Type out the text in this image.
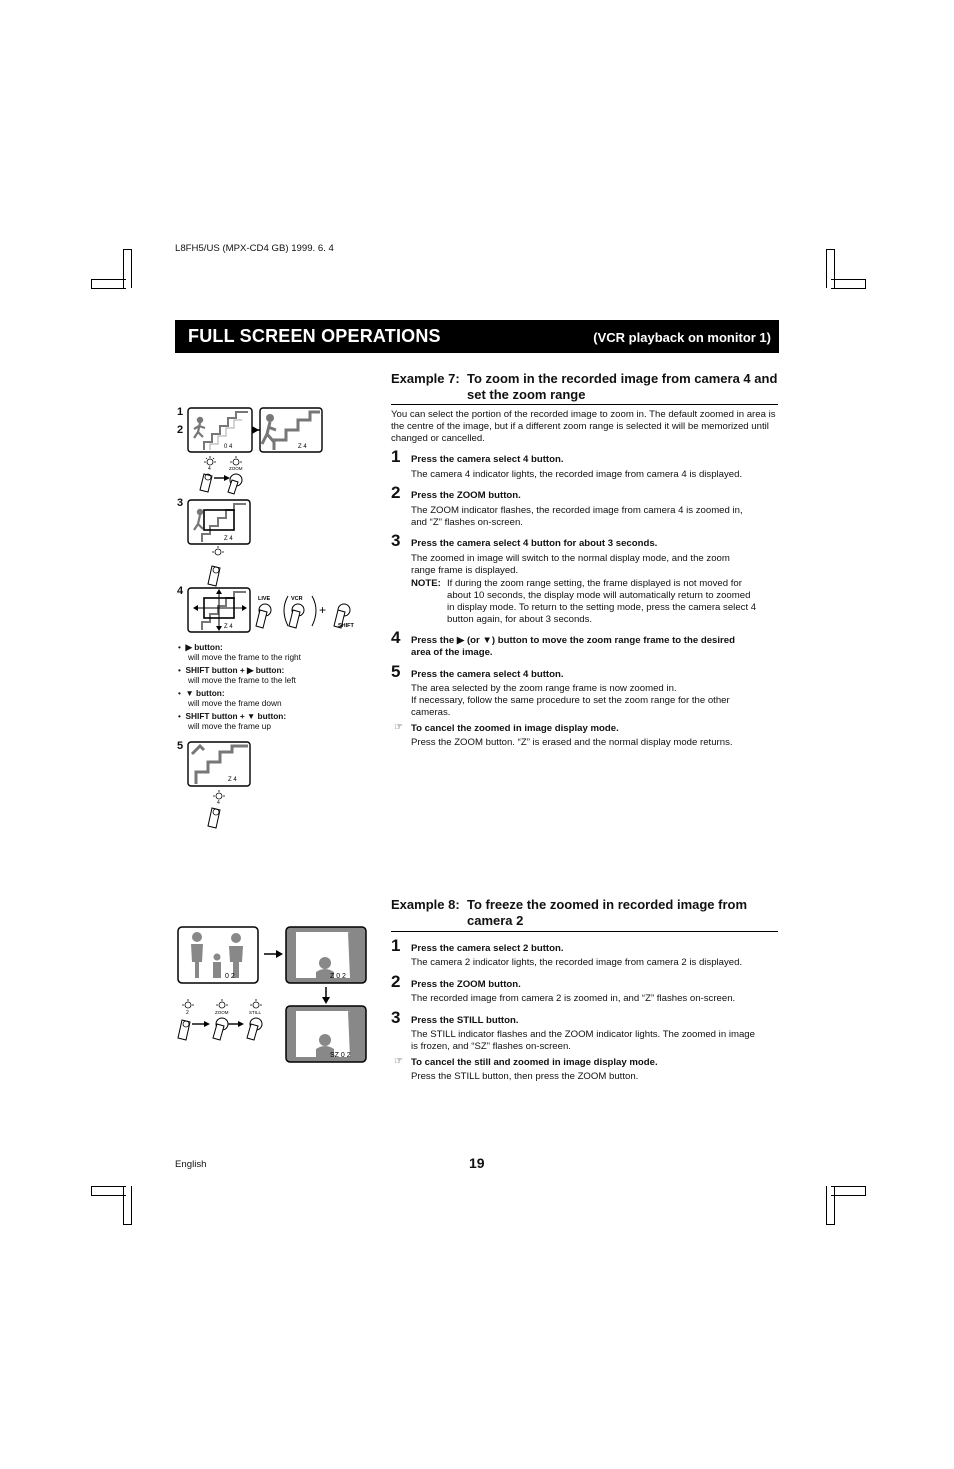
L8FH5/US (MPX-CD4 GB) 1999. 6. 4
FULL SCREEN OPERATIONS	(VCR playback on monitor 1)
Example 7: To zoom in the recorded image from camera 4 and set the zoom range
You can select the portion of the recorded image to zoom in. The default zoomed in area is the centre of the image, but if a different zoom range is selected it will be memorized until changed or cancelled.
1 Press the camera select 4 button.
The camera 4 indicator lights, the recorded image from camera 4 is displayed.
2 Press the ZOOM button.
The ZOOM indicator flashes, the recorded image from camera 4 is zoomed in,
and “Z” flashes on-screen.
3 Press the camera select 4 button for about 3 seconds.
The zoomed in image will switch to the normal display mode, and the zoom
range frame is displayed.
NOTE: If during the zoom range setting, the frame displayed is not moved for
about 10 seconds, the display mode will automatically return to zoomed
in display mode. To return to the setting mode, press the camera select 4
button again, for about 3 seconds.
4 Press the ▶ (or ▼) button to move the zoom range frame to the desired
area of the image.
5 Press the camera select 4 button.
The area selected by the zoom range frame is now zoomed in.
If necessary, follow the same procedure to set the zoom range for the other
cameras.
☞ To cancel the zoomed in image display mode.
Press the ZOOM button. “Z” is erased and the normal display mode returns.
1
2
3
4
5
0 4	Z 4
4	ZOOM
Z 4
Z 4
LIVE	VCR
+
SHIFT
Z 4
4
•  ▶ button:
will move the frame to the right
•  SHIFT button + ▶ button:
will move the frame to the left
•  ▼ button:
will move the frame down
•  SHIFT button + ▼ button:
will move the frame up
Example 8: To freeze the zoomed in recorded image from camera 2
1 Press the camera select 2 button.
The camera 2 indicator lights, the recorded image from camera 2 is displayed.
2 Press the ZOOM button.
The recorded image from camera 2 is zoomed in, and “Z” flashes on-screen.
3 Press the STILL button.
The STILL indicator flashes and the ZOOM indicator lights. The zoomed in image
is frozen, and “SZ” flashes on-screen.
☞ To cancel the still and zoomed in image display mode.
Press the STILL button, then press the ZOOM button.
0 2	Z 0 2
SZ 0 2
2	ZOOM	STILL
English	19
